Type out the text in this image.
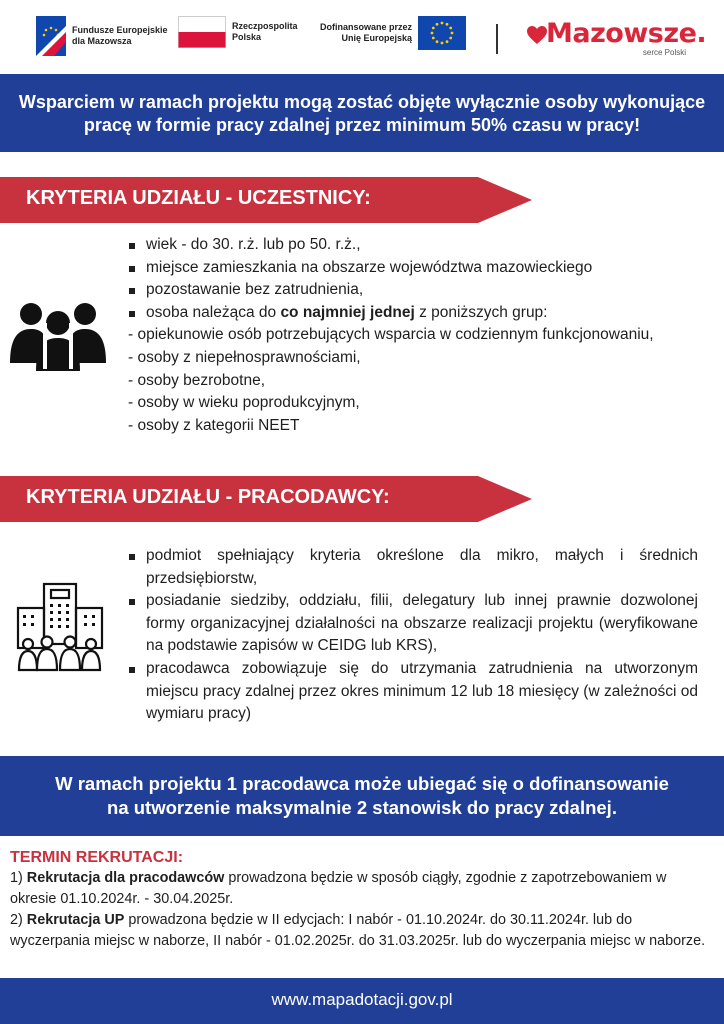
Fundusze Europejskie
dla Mazowsza
Rzeczpospolita
Polska
Dofinansowane przez
Unię Europejską	Mazowsze.
serce Polski
Wsparciem w ramach projektu mogą zostać objęte wyłącznie osoby wykonujące
pracę w formie pracy zdalnej przez minimum 50% czasu w pracy!
KRYTERIA UDZIAŁU - UCZESTNICY:
wiek - do 30. r.ż. lub po 50. r.ż.,
miejsce zamieszkania na obszarze województwa mazowieckiego
pozostawanie bez zatrudnienia,
osoba należąca do co najmniej jednej z poniższych grup:
- opiekunowie osób potrzebujących wsparcia w codziennym funkcjonowaniu,
- osoby z niepełnosprawnościami,
- osoby bezrobotne,
- osoby w wieku poprodukcyjnym,
- osoby z kategorii NEET
KRYTERIA UDZIAŁU - PRACODAWCY:
podmiot spełniający kryteria określone dla mikro, małych i średnich przedsiębiorstw,
posiadanie siedziby, oddziału, filii, delegatury lub innej prawnie dozwolonej formy organizacyjnej działalności na obszarze realizacji projektu (weryfikowane na podstawie zapisów w CEIDG lub KRS),
pracodawca zobowiązuje się do utrzymania zatrudnienia na utworzonym miejscu pracy zdalnej przez okres minimum 12 lub 18 miesięcy (w zależności od wymiaru pracy)
W ramach projektu 1 pracodawca może ubiegać się o dofinansowanie
na utworzenie maksymalnie 2 stanowisk do pracy zdalnej.
TERMIN REKRUTACJI:
1) Rekrutacja dla pracodawców prowadzona będzie w sposób ciągły, zgodnie z zapotrzebowaniem w okresie 01.10.2024r. - 30.04.2025r.
2) Rekrutacja UP prowadzona będzie w II edycjach: I nabór - 01.10.2024r. do 30.11.2024r. lub do wyczerpania miejsc w naborze, II nabór - 01.02.2025r. do 31.03.2025r. lub do wyczerpania miejsc w naborze.
www.mapadotacji.gov.pl
